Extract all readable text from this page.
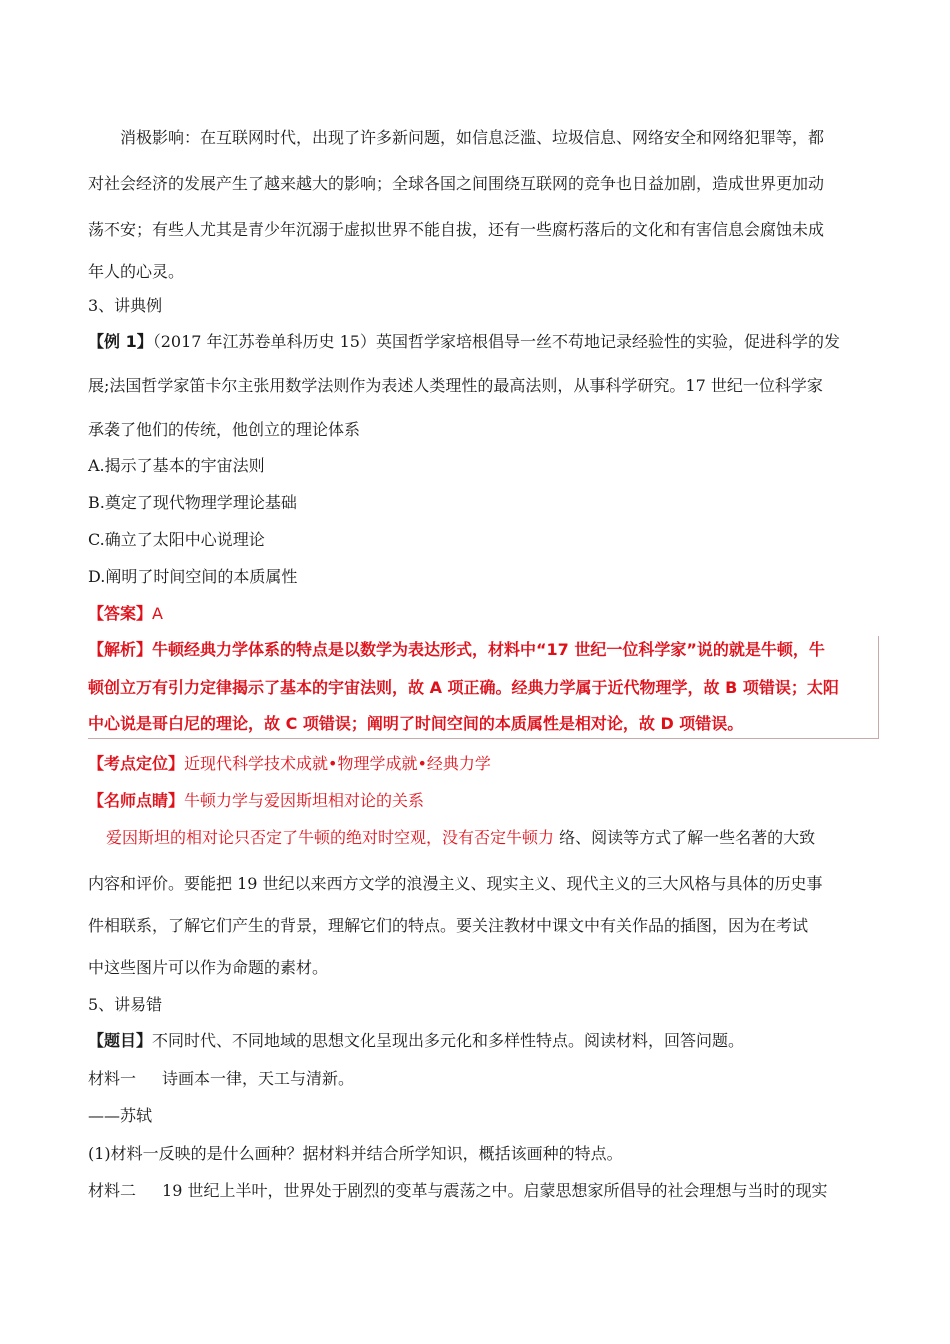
消极影响：在互联网时代，出现了许多新问题，如信息泛滥、垃圾信息、网络安全和网络犯罪等，都
对社会经济的发展产生了越来越大的影响；全球各国之间围绕互联网的竞争也日益加剧，造成世界更加动
荡不安；有些人尤其是青少年沉溺于虚拟世界不能自拔，还有一些腐朽落后的文化和有害信息会腐蚀未成
年人的心灵。
3、讲典例
【例 1】（2017 年江苏卷单科历史 15）英国哲学家培根倡导一丝不苟地记录经验性的实验，促进科学的发
展;法国哲学家笛卡尔主张用数学法则作为表述人类理性的最高法则，从事科学研究。17 世纪一位科学家
承袭了他们的传统，他创立的理论体系
A.揭示了基本的宇宙法则
B.奠定了现代物理学理论基础
C.确立了太阳中心说理论
D.阐明了时间空间的本质属性
【答案】A
【解析】牛顿经典力学体系的特点是以数学为表达形式，材料中“17 世纪一位科学家”说的就是牛顿，牛
顿创立万有引力定律揭示了基本的宇宙法则，故 A 项正确。经典力学属于近代物理学，故 B 项错误；太阳
中心说是哥白尼的理论，故 C 项错误；阐明了时间空间的本质属性是相对论，故 D 项错误。
【考点定位】近现代科学技术成就•物理学成就•经典力学
【名师点睛】牛顿力学与爱因斯坦相对论的关系
爱因斯坦的相对论只否定了牛顿的绝对时空观，没有否定牛顿力 络、阅读等方式了解一些名著的大致
内容和评价。要能把 19 世纪以来西方文学的浪漫主义、现实主义、现代主义的三大风格与具体的历史事
件相联系，了解它们产生的背景，理解它们的特点。要关注教材中课文中有关作品的插图，因为在考试
中这些图片可以作为命题的素材。
5、讲易错
【题目】不同时代、不同地域的思想文化呈现出多元化和多样性特点。阅读材料，回答问题。
材料一 诗画本一律，天工与清新。
——苏轼
(1)材料一反映的是什么画种？据材料并结合所学知识，概括该画种的特点。
材料二 19 世纪上半叶，世界处于剧烈的变革与震荡之中。启蒙思想家所倡导的社会理想与当时的现实
